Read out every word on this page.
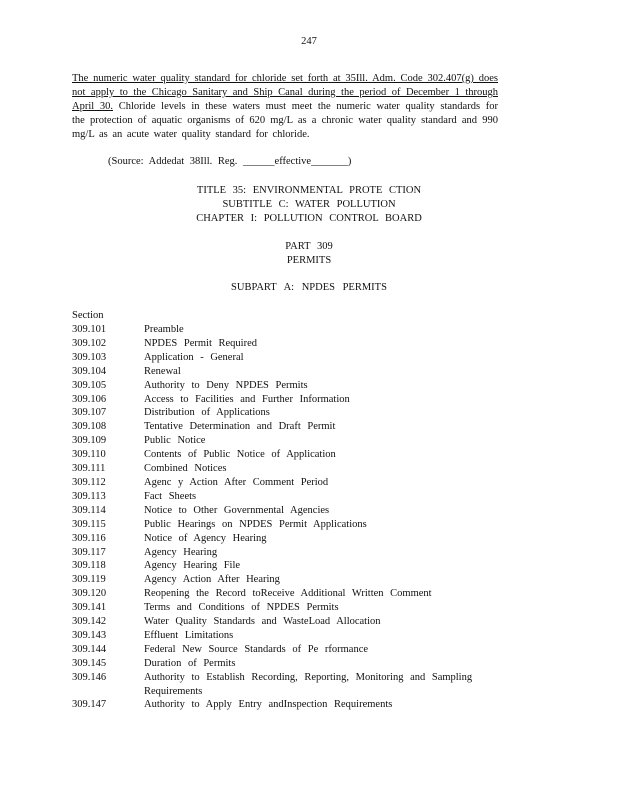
247

The numeric water quality standard for chloride set forth at 35Ill. Adm. Code 302.407(g) does not apply to the Chicago Sanitary and Ship Canal during the period of December 1 through April 30. Chloride levels in these waters must meet the numeric water quality standards for the protection of aquatic organisms of 620 mg/L as a chronic water quality standard and 990 mg/L as an acute water quality standard for chloride.

(Source: Addedat 38Ill. Reg. ______effective_______)
TITLE 35: ENVIRONMENTAL PROTE CTION
SUBTITLE C: WATER POLLUTION
CHAPTER I: POLLUTION CONTROL BOARD
PART 309
PERMITS
SUBPART A: NPDES PERMITS
Section
309.101	Preamble
309.102	NPDES Permit Required
309.103	Application - General
309.104	Renewal
309.105	Authority to Deny NPDES Permits
309.106	Access to Facilities and Further Information
309.107	Distribution of Applications
309.108	Tentative Determination and Draft Permit
309.109	Public Notice
309.110	Contents of Public Notice of Application
309.111	Combined Notices
309.112	Agenc y Action After Comment Period
309.113	Fact Sheets
309.114	Notice to Other Governmental Agencies
309.115	Public Hearings on NPDES Permit Applications
309.116	Notice of Agency Hearing
309.117	Agency Hearing
309.118	Agency Hearing File
309.119	Agency Action After Hearing
309.120	Reopening the Record toReceive Additional Written Comment
309.141	Terms and Conditions of NPDES Permits
309.142	Water Quality Standards and WasteLoad Allocation
309.143	Effluent Limitations
309.144	Federal New Source Standards of Pe rformance
309.145	Duration of Permits
309.146	Authority to Establish Recording, Reporting, Monitoring and Sampling Requirements
309.147	Authority to Apply Entry andInspection Requirements
